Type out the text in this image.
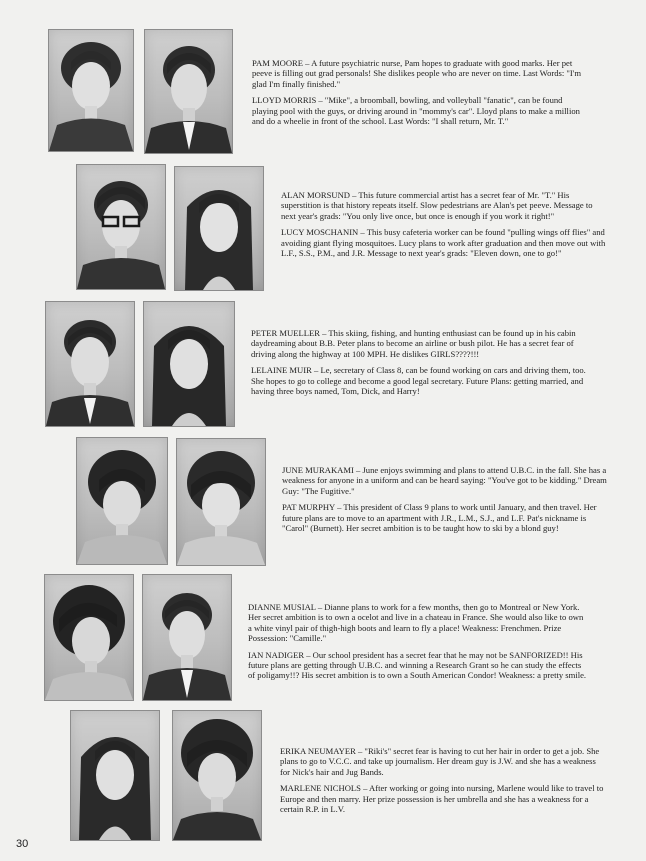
PAM MOORE – A future psychiatric nurse, Pam hopes to graduate with good marks. Her pet peeve is filling out grad personals! She dislikes people who are never on time. Last Words: "I'm glad I'm finally finished."

LLOYD MORRIS – "Mike", a broomball, bowling, and volleyball "fanatic", can be found playing pool with the guys, or driving around in "mommy's car". Lloyd plans to make a million and do a wheelie in front of the school. Last Words: "I shall return, Mr. T."

ALAN MORSUND – This future commercial artist has a secret fear of Mr. "T." His superstition is that history repeats itself. Slow pedestrians are Alan's pet peeve. Message to next year's grads: "You only live once, but once is enough if you work it right!"

LUCY MOSCHANIN – This busy cafeteria worker can be found "pulling wings off flies" and avoiding giant flying mosquitoes. Lucy plans to work after graduation and then move out with L.F., S.S., P.M., and J.R. Message to next year's grads: "Eleven down, one to go!"

PETER MUELLER – This skiing, fishing, and hunting enthusiast can be found up in his cabin daydreaming about B.B. Peter plans to become an airline or bush pilot. He has a secret fear of driving along the highway at 100 MPH. He dislikes GIRLS????!!!

LELAINE MUIR – Le, secretary of Class 8, can be found working on cars and driving them, too. She hopes to go to college and become a good legal secretary. Future Plans: getting married, and having three boys named, Tom, Dick, and Harry!

JUNE MURAKAMI – June enjoys swimming and plans to attend U.B.C. in the fall. She has a weakness for anyone in a uniform and can be heard saying: "You've got to be kidding." Dream Guy: "The Fugitive."

PAT MURPHY – This president of Class 9 plans to work until January, and then travel. Her future plans are to move to an apartment with J.R., L.M., S.J., and L.F. Pat's nickname is "Carol" (Burnett). Her secret ambition is to be taught how to ski by a blond guy!

DIANNE MUSIAL – Dianne plans to work for a few months, then go to Montreal or New York. Her secret ambition is to own a ocelot and live in a chateau in France. She would also like to own a white vinyl pair of thigh-high boots and learn to fly a place! Weakness: Frenchmen. Prize Possession: "Camille."

IAN NADIGER – Our school president has a secret fear that he may not be SANFORIZED!! His future plans are getting through U.B.C. and winning a Research Grant so he can study the effects of poligamy!!? His secret ambition is to own a South American Condor! Weakness: a pretty smile.

ERIKA NEUMAYER – "Riki's" secret fear is having to cut her hair in order to get a job. She plans to go to V.C.C. and take up journalism. Her dream guy is J.W. and she has a weakness for Nick's hair and Jug Bands.

MARLENE NICHOLS – After working or going into nursing, Marlene would like to travel to Europe and then marry. Her prize possession is her umbrella and she has a weakness for a certain R.P. in L.V.

30
